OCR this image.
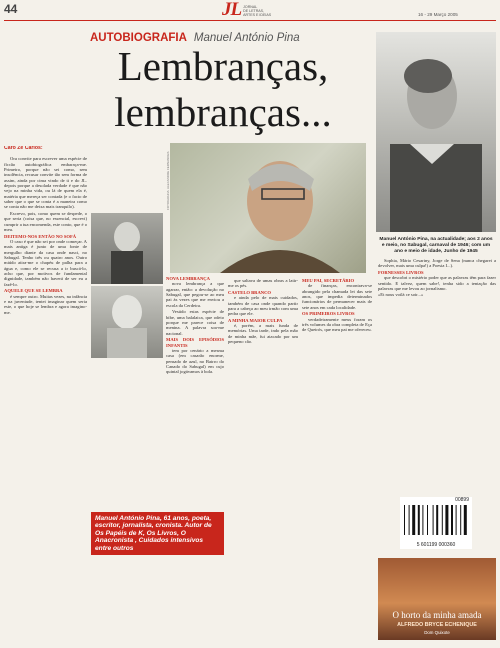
44	JL JORNAL
DE LETRAS,
ARTES E IDEIAS	16 - 29 Março 2005
AUTOBIOGRAFIA Manuel António Pina
Lembranças,
lembranças...
Manuel António Pina, na actualidade; aos 2 anos e meio, no Sabugal, carnaval de 1946; com um ano e meio de idade, Junho de 1945
FOTOGRAFIA: ALEXANDRE FERNANDES
Caro Zé Carlos:

Ora convite para escrever uma espécie de fíccão autobiográfica embaraça-me. Primeiro, porque não sei como, sem insolência, recusar convite tão sem forma de assim, ainda por cima vindo de ti e do JL. depois porque a desolada verdade é que não vejo na minha vida, ou lá de quem ela é, matéria que mereça ser contada (e o facto de saber que o que se conta é a maneira como se conta não me deixa mais tranquilo).

Escrevo, pois, como quem se despede, o que seria (coisa que, no essencial, escrevi) cumprir a tua encomenda, este conto, que é o meu.

DEITEMO-NOS ENTÃO NO SOFÁ

O caso é que não sei por onde começar. A mais antiga é junto de uma fonte de mergulho diante da casa onde nasci, no Sabugal. Tenho três ou quatro anos. Outro miúdo atira-me o chapéu de palha para a água e, como ele se recusa a ir buscá-lo, acho que, por motivos de fundamental dignidade, também não haverá de ser eu a fazê-lo.

AQUELE QUE SE LEMBRA

é sempre outro. Muitas vezes, na infância e na juventude, tentei imaginar quem seria este, o que hoje se lembra e agora imagino-me.

NOVA LEMBRANÇA

nova lembrança a que agarrar, então: a devolução no Sabugal, que pegou-se ao meu pai às vezes que me enviou a escola da Cerdeira.

Vestido estas espécie de bibe, uma balalaica, que odeio porque me parece coisa de menina. A palavra soa-me nacional.

MAIS DOIS EPISÓDIOS INFANTIS

tem por cenário a mesma casa (em casarão enorme, pensado de azul, no Bairro do Canado do Sabugal) em cujo quintal jogávamos à bola.

Manuel António Pina, 61 anos, poeta, escritor, jornalista, cronista. Autor de Os Papéis de K, Os Livros, O Anacronista , Cuidados intensivos entre outros

que saltava de umas obras a latir-me os pés.

CASTELO BRANCO

e ainda pelo de mais cuidados, também de casa onde quando partir para a cabeça ao meu irmão com uma pedra que ele.

A MINHA MAIOR CULPA

é, porém, a mais funda de memórias. Uma tarde, indo pela mão de minha mãe, fui atacado por um pequeno cão.

MEU PAI, SECRETÁRIO

de finanças, encontrava-se abrangido pela chamada lei das sete anos, que impedia determinados funcionários de permanecer mais de sete anos em cada localidade.

OS PRIMEIROS LIVROS

verdadeiramente meus foram os três volumes da obra completa de Eça de Queirós, que meu pai me ofereceu.

Sophia, Mário Cesariny, Jorge de Sena (nunca chegarei a devolver, mais uma culpa!) a Poesia I...).

FORNESSES LIVROS

que descobri o mistério poder que as palavras têm para fazer sentido. E talvez, quem sabe!, tenha sido a tentação das palavras que me levou ao jornalismo.

«Et nous voilà ce soir...»

00899
5 601199 000360
O horto da minha amada
ALFREDO BRYCE ECHENIQUE
Dom Quixote
